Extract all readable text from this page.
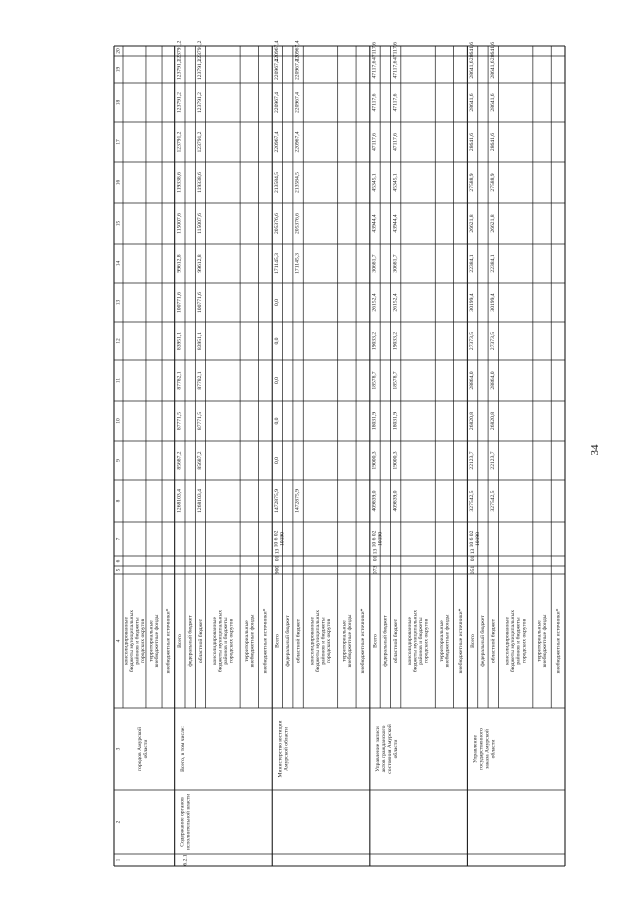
1
2
3
4
5
6
7
8
9
10
11
12
13
14
15
16
17
18
19
20
городов Амурской области
консолидированные бюджеты муниципальных районов и бюджеты городских округов территориальные внебюджетные фонды внебюджетные источники*
6.2.1
Содержание органов исполнительной власти
Всего, в том числе:
Всего
1268103,4
85687,2
87771,5
87782,1
83951,1
100771,6
99612,8
115007,6
119338,6
123791,2
123791,2
123791,2
123791,2
федеральный бюджет областной бюджет
1268103,4
85687,2
87771,5
87782,1
83951,1
100771,6
99612,8
115007,6
119338,6
123791,2
123791,2
123791,2
123791,2
консолидированные бюджеты муниципальных районов и бюджеты городских округов территориальные внебюджетные фонды внебюджетные источники*
Министерство юстиции Амурской области
900
01 13
10 6 02 10190
Всего
1472875,9
0,0
0,0
0,0
0,0
0,0
171145,3
205376,6
213584,5
220967,4
220967,4
220967,4
220967,4
федеральный бюджет областной бюджет
1472875,9
171145,3
205376,6
213584,5
220967,4
220967,4
220967,4
220967,4
консолидированные бюджеты муниципальных районов и бюджеты городских округов территориальные внебюджетные фонды внебюджетные источники*
Управление записи актов гражданского состояния Амурской области
073
01 13
10 6 02 10190
Всего
409839,0
19000,3
18031,9
18578,7
19033,2
26152,4
30681,7
43944,4
45345,1
47117,6
47117,6
47117,6
47117,6
федеральный бюджет областной бюджет
409839,0
19000,3
18031,9
18578,7
19033,2
26152,4
30681,7
43944,4
45345,1
47117,6
47117,6
47117,6
47117,6
консолидированные бюджеты муниципальных районов и бюджеты городских округов территориальные внебюджетные фонды внебюджетные источники*
Управление государственного заказа Амурской области
051
01 13
10 6 02 10190
Всего
327542,5
22123,7
26820,8
28864,0
27373,5
30199,4
22384,1
26621,8
27588,9
28641,6
28641,6
28641,6
28641,6
федеральный бюджет областной бюджет
327542,5
22123,7
26820,8
28864,0
27373,5
30199,4
22384,1
26621,8
27588,9
28641,6
28641,6
28641,6
28641,6
консолидированные бюджеты муниципальных районов и бюджеты городских округов территориальные внебюджетные фонды внебюджетные источники*
34
